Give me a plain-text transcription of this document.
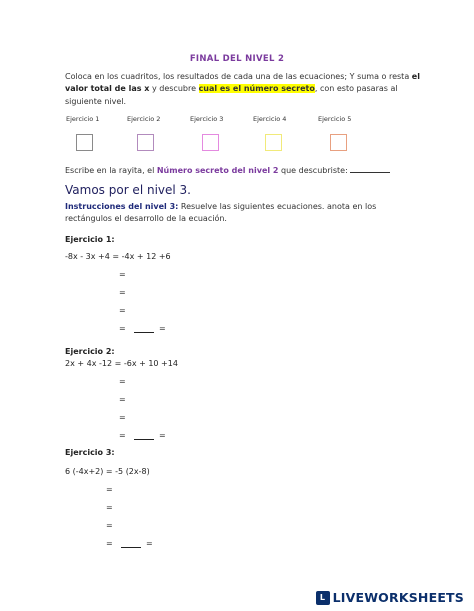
FINAL DEL NIVEL 2
Coloca en los cuadritos, los resultados de cada una de las ecuaciones; Y suma o resta el valor total de las x y descubre cual es el número secreto, con esto pasaras al siguiente nivel.
Ejercicio 1	Ejercicio 2	Ejercicio 3	Ejercicio 4	Ejercicio 5
Escribe en la rayita, el Número secreto del nivel 2 que descubriste:
Vamos por el nivel 3.
Instrucciones del nivel 3: Resuelve las siguientes ecuaciones. anota en los rectángulos el desarrollo de la ecuación.
Ejercicio 1:
-8x - 3x +4 = -4x + 12 +6
=
=
=
=	=
Ejercicio 2:
2x + 4x -12 = -6x + 10 +14
=
=
=
=	=
Ejercicio 3:
6 (-4x+2) = -5 (2x-8)
=
=
=
=	=
L LIVEWORKSHEETS
